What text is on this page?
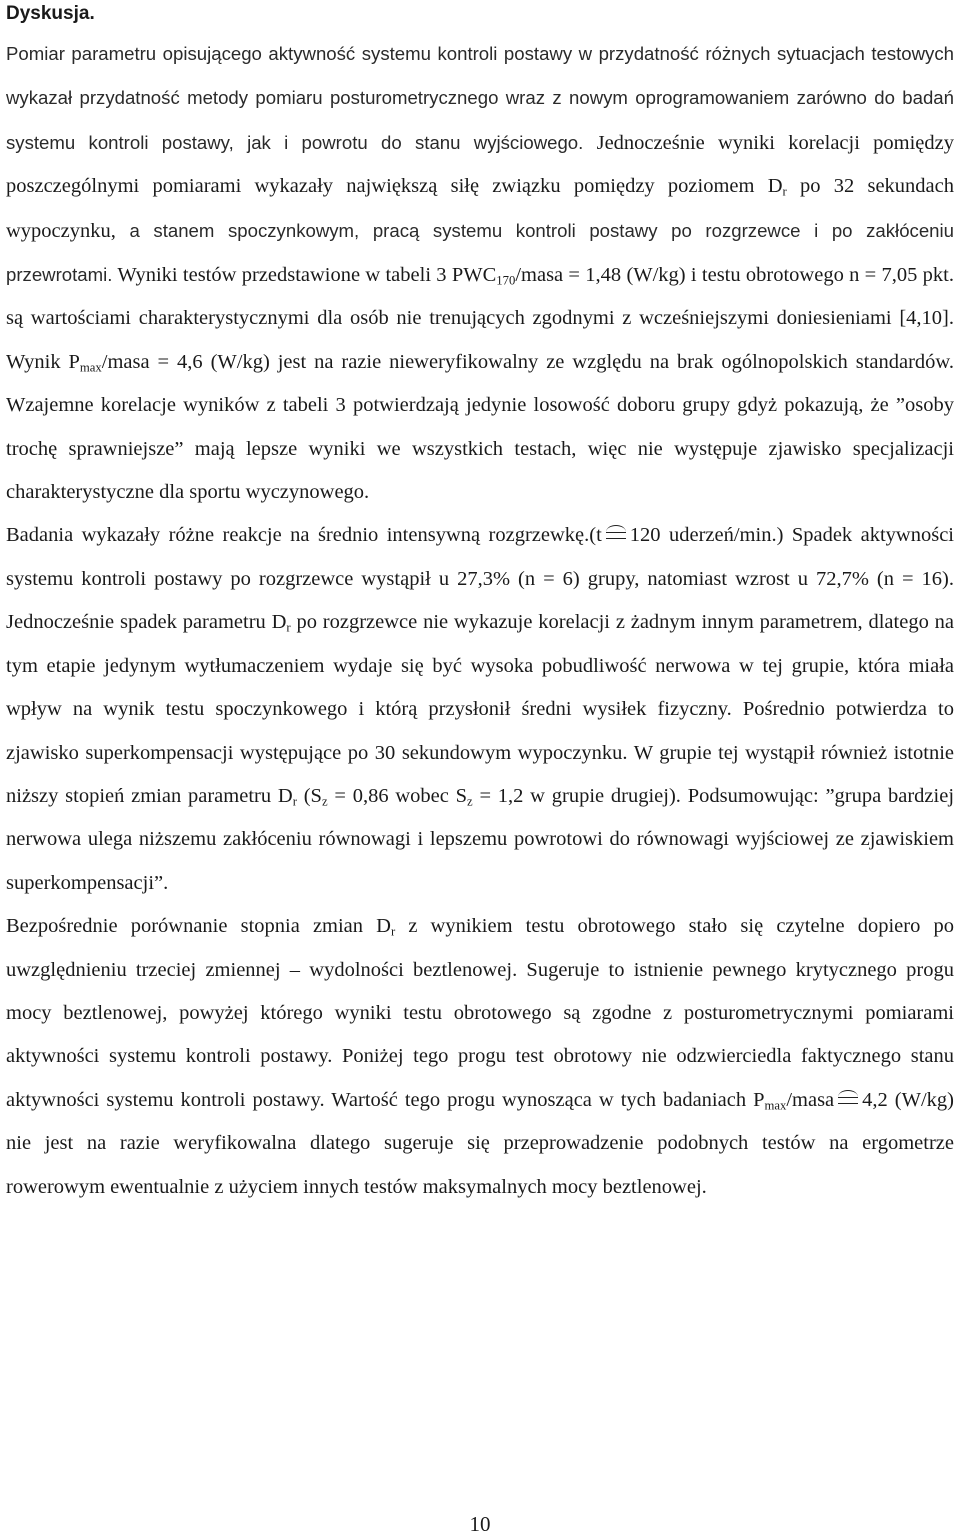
Dyskusja.

Pomiar parametru opisującego aktywność systemu kontroli postawy w przydatność różnych sytuacjach testowych wykazał przydatność metody pomiaru posturometrycznego wraz z nowym oprogramowaniem zarówno do badań systemu kontroli postawy, jak i powrotu do stanu wyjściowego. Jednocześnie wyniki korelacji pomiędzy poszczególnymi pomiarami wykazały największą siłę związku pomiędzy poziomem $D_r$ po 32 sekundach wypoczynku, a stanem spoczynkowym, pracą systemu kontroli postawy po rozgrzewce i po zakłóceniu przewrotami. Wyniki testów przedstawione w tabeli 3 $PWC_{170}$/masa = 1,48 (W/kg) i testu obrotowego n = 7,05 pkt. są wartościami charakterystycznymi dla osób nie trenujących zgodnymi z wcześniejszymi doniesieniami [4,10]. Wynik $P_{max}$/masa = 4,6 (W/kg) jest na razie nieweryfikowalny ze względu na brak ogólnopolskich standardów. Wzajemne korelacje wyników z tabeli 3 potwierdzają jedynie losowość doboru grupy gdyż pokazują, że ”osoby trochę sprawniejsze” mają lepsze wyniki we wszystkich testach, więc nie występuje zjawisko specjalizacji charakterystyczne dla sportu wyczynowego.

Badania wykazały różne reakcje na średnio intensywną rozgrzewkę.(t 120 uderzeń/min.) Spadek aktywności systemu kontroli postawy po rozgrzewce wystąpił u 27,3% (n = 6) grupy, natomiast wzrost u 72,7% (n = 16). Jednocześnie spadek parametru $D_r$ po rozgrzewce nie wykazuje korelacji z żadnym innym parametrem, dlatego na tym etapie jedynym wytłumaczeniem wydaje się być wysoka pobudliwość nerwowa w tej grupie, która miała wpływ na wynik testu spoczynkowego i którą przysłonił średni wysiłek fizyczny. Pośrednio potwierdza to zjawisko superkompensacji występujące po 30 sekundowym wypoczynku. W grupie tej wystąpił również istotnie niższy stopień zmian parametru $D_r$ ($S_z = 0,86$ wobec $S_z = 1,2$ w grupie drugiej). Podsumowując: ”grupa bardziej nerwowa ulega niższemu zakłóceniu równowagi i lepszemu powrotowi do równowagi wyjściowej ze zjawiskiem superkompensacji”.

Bezpośrednie porównanie stopnia zmian $D_r$ z wynikiem testu obrotowego stało się czytelne dopiero po uwzględnieniu trzeciej zmiennej – wydolności beztlenowej. Sugeruje to istnienie pewnego krytycznego progu mocy beztlenowej, powyżej którego wyniki testu obrotowego są zgodne z posturometrycznymi pomiarami aktywności systemu kontroli postawy. Poniżej tego progu test obrotowy nie odzwierciedla faktycznego stanu aktywności systemu kontroli postawy. Wartość tego progu wynosząca w tych badaniach $P_{max}$/masa 4,2 (W/kg) nie jest na razie weryfikowalna dlatego sugeruje się przeprowadzenie podobnych testów na ergometrze rowerowym ewentualnie z użyciem innych testów maksymalnych mocy beztlenowej.

10
